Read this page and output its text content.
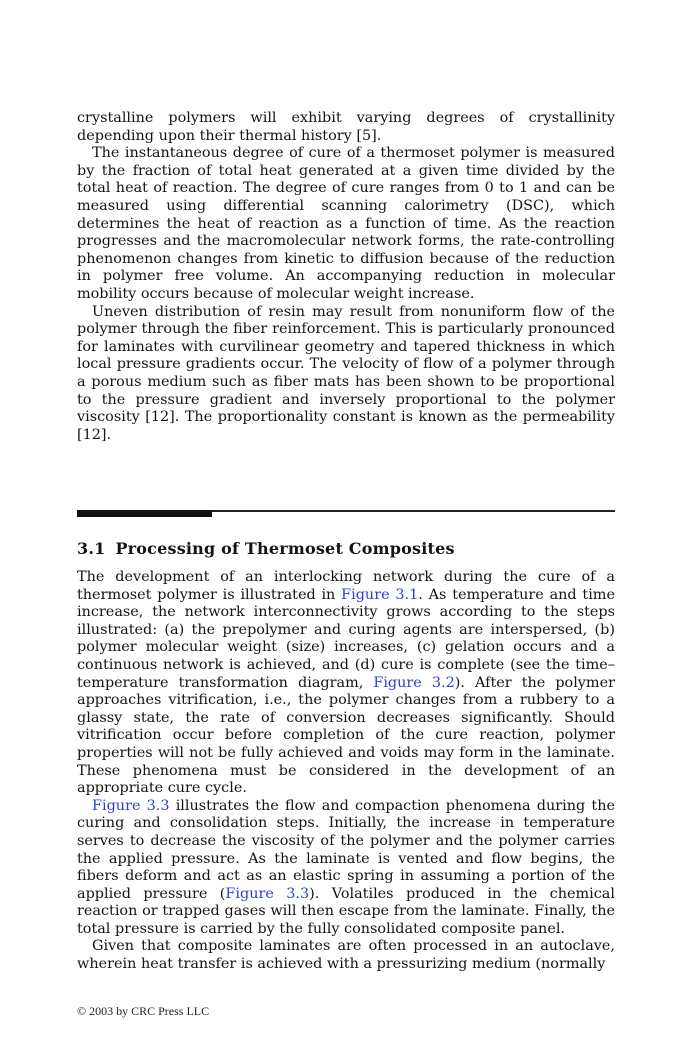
crystalline polymers will exhibit varying degrees of crystallinity depending upon their thermal history [5].

The instantaneous degree of cure of a thermoset polymer is measured by the fraction of total heat generated at a given time divided by the total heat of reaction. The degree of cure ranges from 0 to 1 and can be measured using differential scanning calorimetry (DSC), which determines the heat of reaction as a function of time. As the reaction progresses and the macromolecular network forms, the rate-controlling phenomenon changes from kinetic to diffusion because of the reduction in polymer free volume. An accompanying reduction in molecular mobility occurs because of molecular weight increase.

Uneven distribution of resin may result from nonuniform flow of the polymer through the fiber reinforcement. This is particularly pronounced for laminates with curvilinear geometry and tapered thickness in which local pressure gradients occur. The velocity of flow of a polymer through a porous medium such as fiber mats has been shown to be proportional to the pressure gradient and inversely proportional to the polymer viscosity [12]. The proportionality constant is known as the permeability [12].

3.1 Processing of Thermoset Composites

The development of an interlocking network during the cure of a thermoset polymer is illustrated in Figure 3.1. As temperature and time increase, the network interconnectivity grows according to the steps illustrated: (a) the prepolymer and curing agents are interspersed, (b) polymer molecular weight (size) increases, (c) gelation occurs and a continuous network is achieved, and (d) cure is complete (see the time–temperature transformation diagram, Figure 3.2). After the polymer approaches vitrification, i.e., the polymer changes from a rubbery to a glassy state, the rate of conversion decreases significantly. Should vitrification occur before completion of the cure reaction, polymer properties will not be fully achieved and voids may form in the laminate. These phenomena must be considered in the development of an appropriate cure cycle.

Figure 3.3 illustrates the flow and compaction phenomena during the curing and consolidation steps. Initially, the increase in temperature serves to decrease the viscosity of the polymer and the polymer carries the applied pressure. As the laminate is vented and flow begins, the fibers deform and act as an elastic spring in assuming a portion of the applied pressure (Figure 3.3). Volatiles produced in the chemical reaction or trapped gases will then escape from the laminate. Finally, the total pressure is carried by the fully consolidated composite panel.

Given that composite laminates are often processed in an autoclave, wherein heat transfer is achieved with a pressurizing medium (normally

© 2003 by CRC Press LLC
